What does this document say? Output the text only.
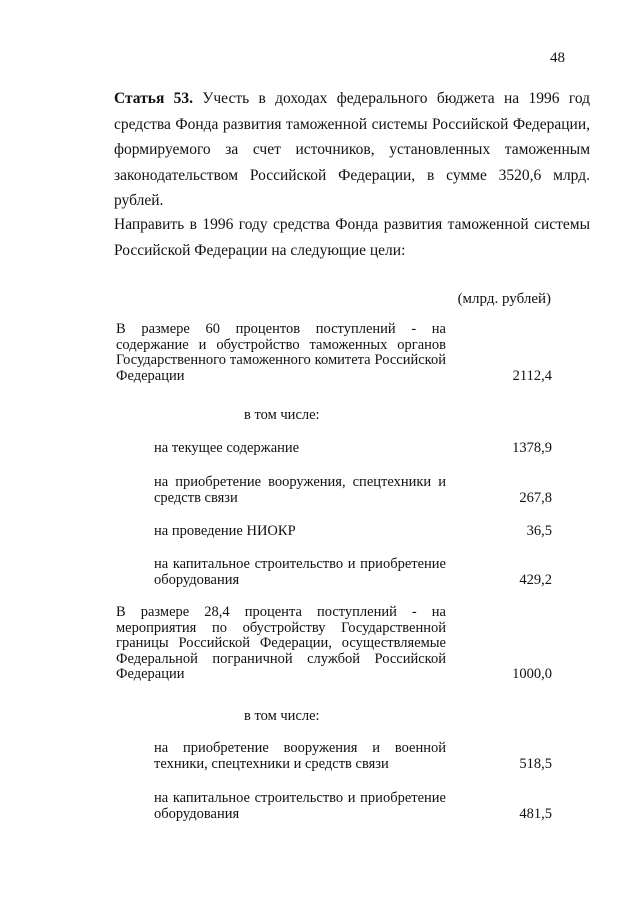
48
Статья 53. Учесть в доходах федерального бюджета на 1996 год средства Фонда развития таможенной системы Российской Федерации, формируемого за счет источников, установленных таможенным законодательством Российской Федерации, в сумме 3520,6 млрд. рублей.
Направить в 1996 году средства Фонда развития таможенной системы Российской Федерации на следующие цели:
(млрд. рублей)
В размере 60 процентов поступлений - на содержание и обустройство таможенных органов Государственного таможенного комитета Российской Федерации	2112,4
в том числе:
на текущее содержание	1378,9
на приобретение вооружения, спецтехники и средств связи	267,8
на проведение НИОКР	36,5
на капитальное строительство и приобретение оборудования	429,2
В размере 28,4 процента поступлений - на мероприятия по обустройству Государственной границы Российской Федерации, осуществляемые Федеральной пограничной службой Российской Федерации	1000,0
в том числе:
на приобретение вооружения и военной техники, спецтехники и средств связи	518,5
на капитальное строительство и приобретение оборудования	481,5
